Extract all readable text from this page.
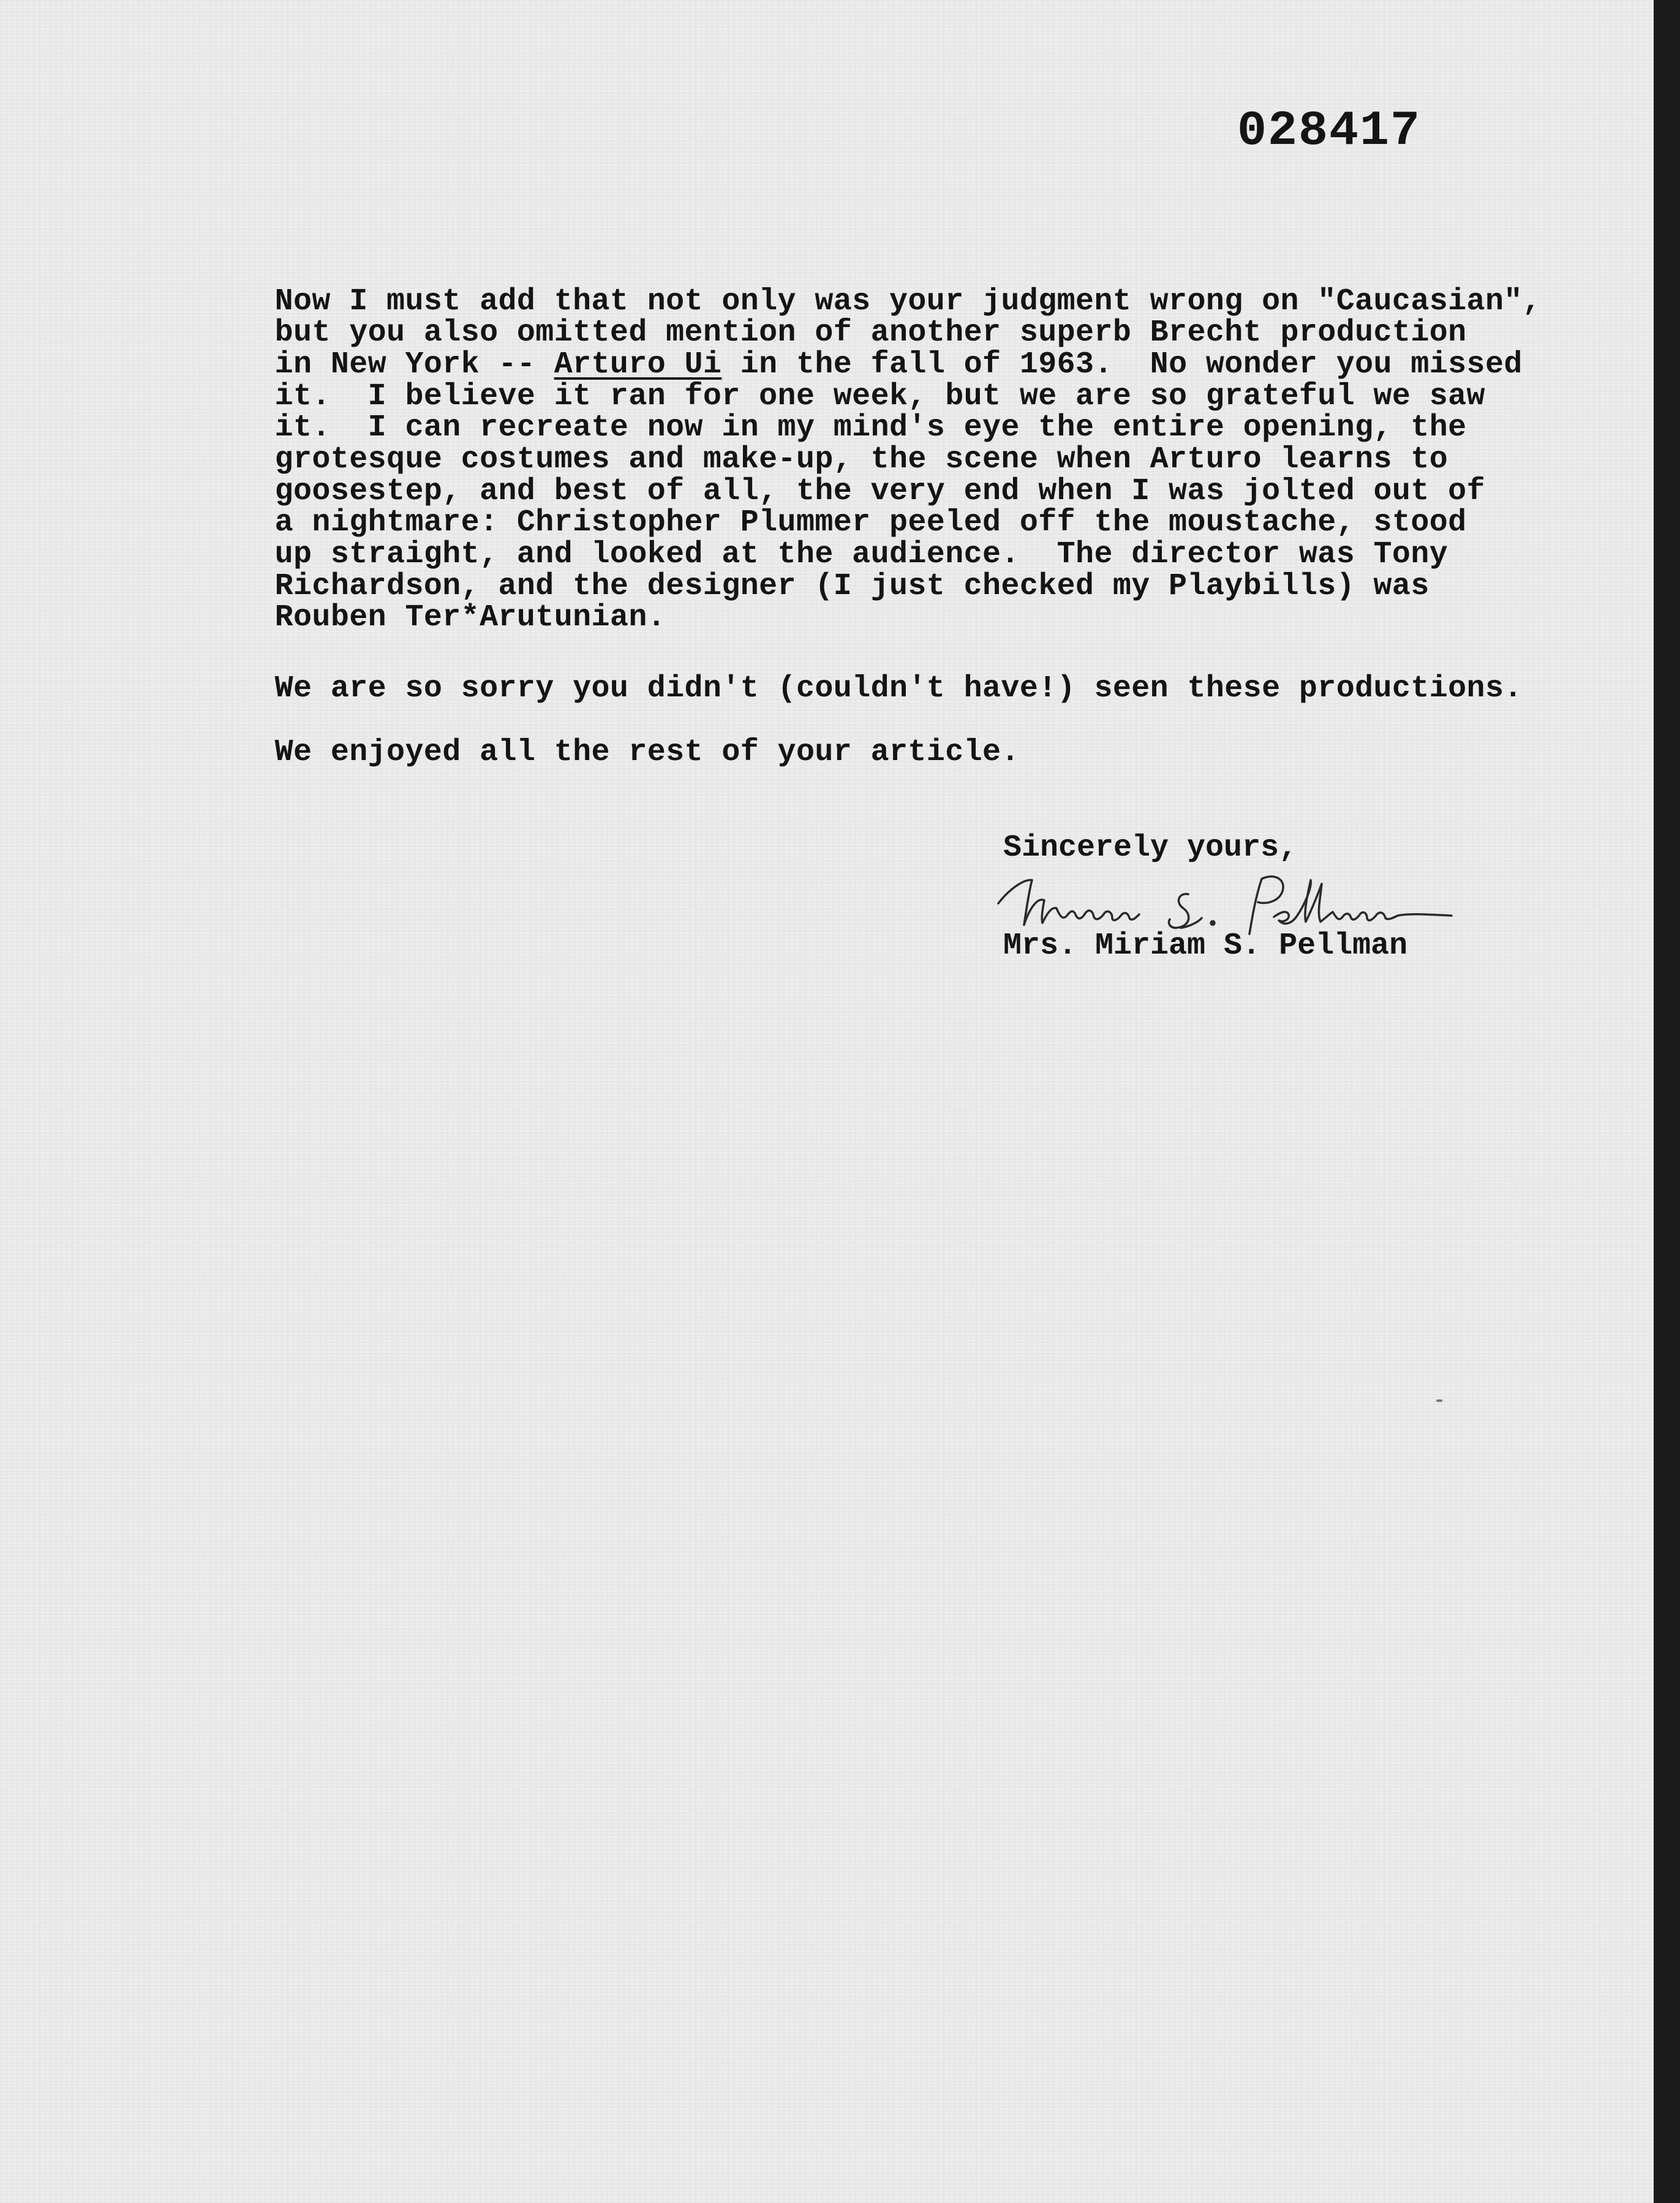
028417

Now I must add that not only was your judgment wrong on "Caucasian",

but you also omitted mention of another superb Brecht production

in New York -- Arturo Ui in the fall of 1963.  No wonder you missed

it.  I believe it ran for one week, but we are so grateful we saw

it.  I can recreate now in my mind's eye the entire opening, the

grotesque costumes and make-up, the scene when Arturo learns to

goosestep, and best of all, the very end when I was jolted out of

a nightmare: Christopher Plummer peeled off the moustache, stood

up straight, and looked at the audience.  The director was Tony

Richardson, and the designer (I just checked my Playbills) was

Rouben Ter*Arutunian.

We are so sorry you didn't (couldn't have!) seen these productions.

We enjoyed all the rest of your article.

Sincerely yours,
Mrs. Miriam S. Pellman
